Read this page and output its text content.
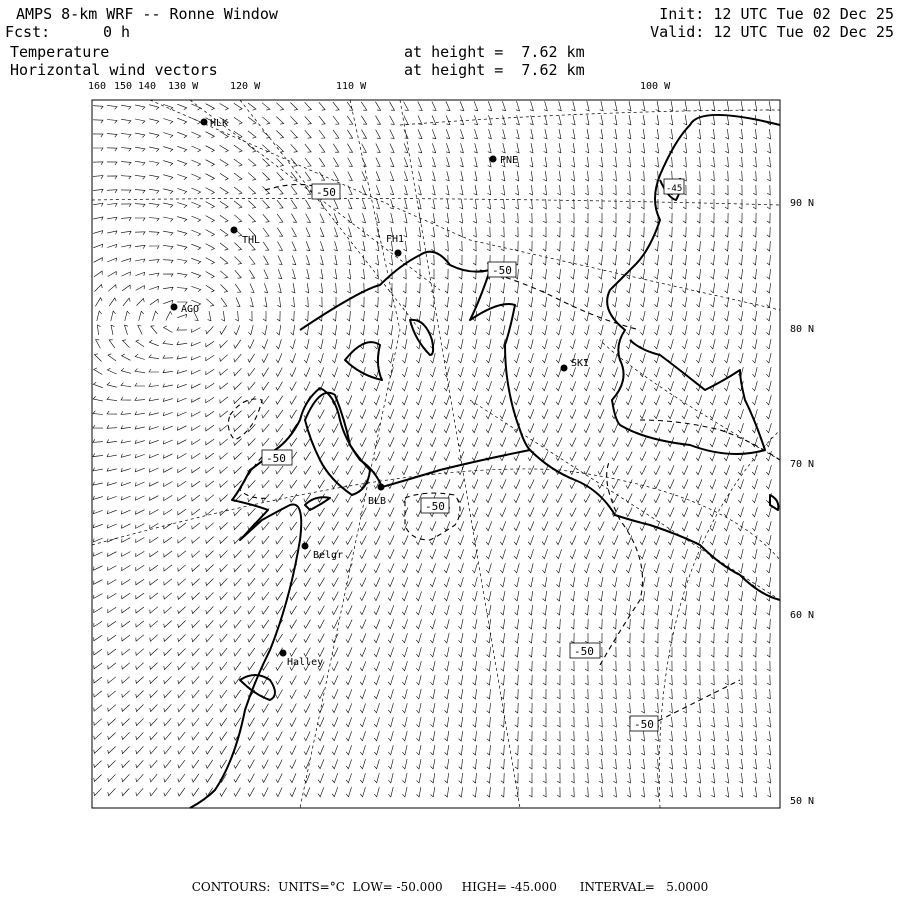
AMPS 8-km WRF -- Ronne Window
Fcst:	0 h
Temperature
Horizontal wind vectors
at height =  7.62 km
at height =  7.62 km
Init: 12 UTC Tue 02 Dec 25
Valid: 12 UTC Tue 02 Dec 25
160 150 140 130 W	120 W	110 W	100 W
90 N
80 N
70 N
60 N
50 N
HLK
PNE
THL	FH1
AGO
SKI
BLB
Belgr
Halley
-50
-50
-50
-50
-50
-50
-45
CONTOURS:  UNITS=°C  LOW= -50.000     HIGH= -45.000      INTERVAL=   5.0000
